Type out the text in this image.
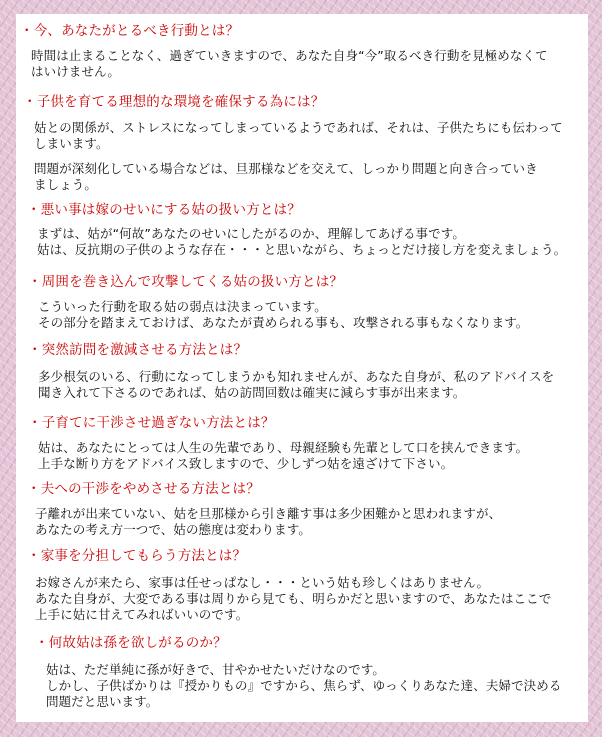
・今、あなたがとるべき行動とは？
時間は止まることなく、過ぎていきますので、あなた自身“今”取るべき行動を見極めなくて
はいけません。
・子供を育てる理想的な環境を確保する為には？
姑との関係が、ストレスになってしまっているようであれば、それは、子供たちにも伝わって
しまいます。
問題が深刻化している場合などは、旦那様などを交えて、しっかり問題と向き合っていき
ましょう。
・悪い事は嫁のせいにする姑の扱い方とは？
まずは、姑が“何故”あなたのせいにしたがるのか、理解してあげる事です。
姑は、反抗期の子供のような存在・・・と思いながら、ちょっとだけ接し方を変えましょう。
・周囲を巻き込んで攻撃してくる姑の扱い方とは？
こういった行動を取る姑の弱点は決まっています。
その部分を踏まえておけば、あなたが責められる事も、攻撃される事もなくなります。
・突然訪問を激減させる方法とは？
多少根気のいる、行動になってしまうかも知れませんが、あなた自身が、私のアドバイスを
聞き入れて下さるのであれば、姑の訪問回数は確実に減らす事が出来ます。
・子育てに干渉させ過ぎない方法とは？
姑は、あなたにとっては人生の先輩であり、母親経験も先輩として口を挟んできます。
上手な断り方をアドバイス致しますので、少しずつ姑を遠ざけて下さい。
・夫への干渉をやめさせる方法とは？
子離れが出来ていない、姑を旦那様から引き離す事は多少困難かと思われますが、
あなたの考え方一つで、姑の態度は変わります。
・家事を分担してもらう方法とは？
お嫁さんが来たら、家事は任せっぱなし・・・という姑も珍しくはありません。
あなた自身が、大変である事は周りから見ても、明らかだと思いますので、あなたはここで
上手に姑に甘えてみればいいのです。
・何故姑は孫を欲しがるのか？
姑は、ただ単純に孫が好きで、甘やかせたいだけなのです。
しかし、子供ばかりは『授かりもの』ですから、焦らず、ゆっくりあなた達、夫婦で決める
問題だと思います。
